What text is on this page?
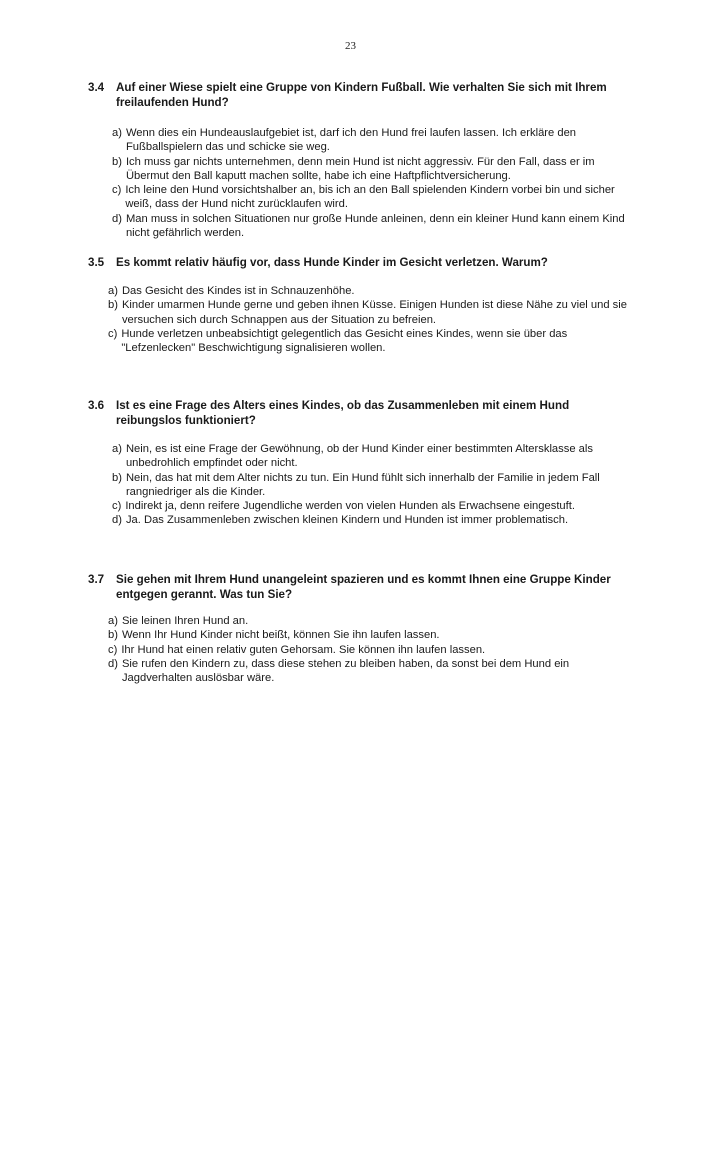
23
3.4	Auf einer Wiese spielt eine Gruppe von Kindern Fußball. Wie verhalten Sie sich mit Ihrem freilaufenden Hund?
a) Wenn dies ein Hundeauslaufgebiet ist, darf ich den Hund frei laufen lassen. Ich erkläre den Fußballspielern das und schicke sie weg.
b) Ich muss gar nichts unternehmen, denn mein Hund ist nicht aggressiv. Für den Fall, dass er im Übermut den Ball kaputt machen sollte, habe ich eine Haftpflichtversicherung.
c) Ich leine den Hund vorsichtshalber an, bis ich an den Ball spielenden Kindern vorbei bin und sicher weiß, dass der Hund nicht zurücklaufen wird.
d) Man muss in solchen Situationen nur große Hunde anleinen, denn ein kleiner Hund kann einem Kind nicht gefährlich werden.
3.5	Es kommt relativ häufig vor, dass Hunde Kinder im Gesicht verletzen. Warum?
a) Das Gesicht des Kindes ist in Schnauzenhöhe.
b) Kinder umarmen Hunde gerne und geben ihnen Küsse. Einigen Hunden ist diese Nähe zu viel und sie versuchen sich durch Schnappen aus der Situation zu befreien.
c) Hunde verletzen unbeabsichtigt gelegentlich das Gesicht eines Kindes, wenn sie über das "Lefzenlecken" Beschwichtigung signalisieren wollen.
3.6	Ist es eine Frage des Alters eines Kindes, ob das Zusammenleben mit einem Hund reibungslos funktioniert?
a) Nein, es ist eine Frage der Gewöhnung, ob der Hund Kinder einer bestimmten Altersklasse als unbedrohlich empfindet oder nicht.
b) Nein, das hat mit dem Alter nichts zu tun. Ein Hund fühlt sich innerhalb der Familie in jedem Fall rangniedriger als die Kinder.
c) Indirekt ja, denn reifere Jugendliche werden von vielen Hunden als Erwachsene eingestuft.
d) Ja. Das Zusammenleben zwischen kleinen Kindern und Hunden ist immer problematisch.
3.7	Sie gehen mit Ihrem Hund unangeleint spazieren und es kommt Ihnen eine Gruppe Kinder entgegen gerannt. Was tun Sie?
a) Sie leinen Ihren Hund an.
b) Wenn Ihr Hund Kinder nicht beißt, können Sie ihn laufen lassen.
c) Ihr Hund hat einen relativ guten Gehorsam. Sie können ihn laufen lassen.
d) Sie rufen den Kindern zu, dass diese stehen zu bleiben haben, da sonst bei dem Hund ein Jagdverhalten auslösbar wäre.
